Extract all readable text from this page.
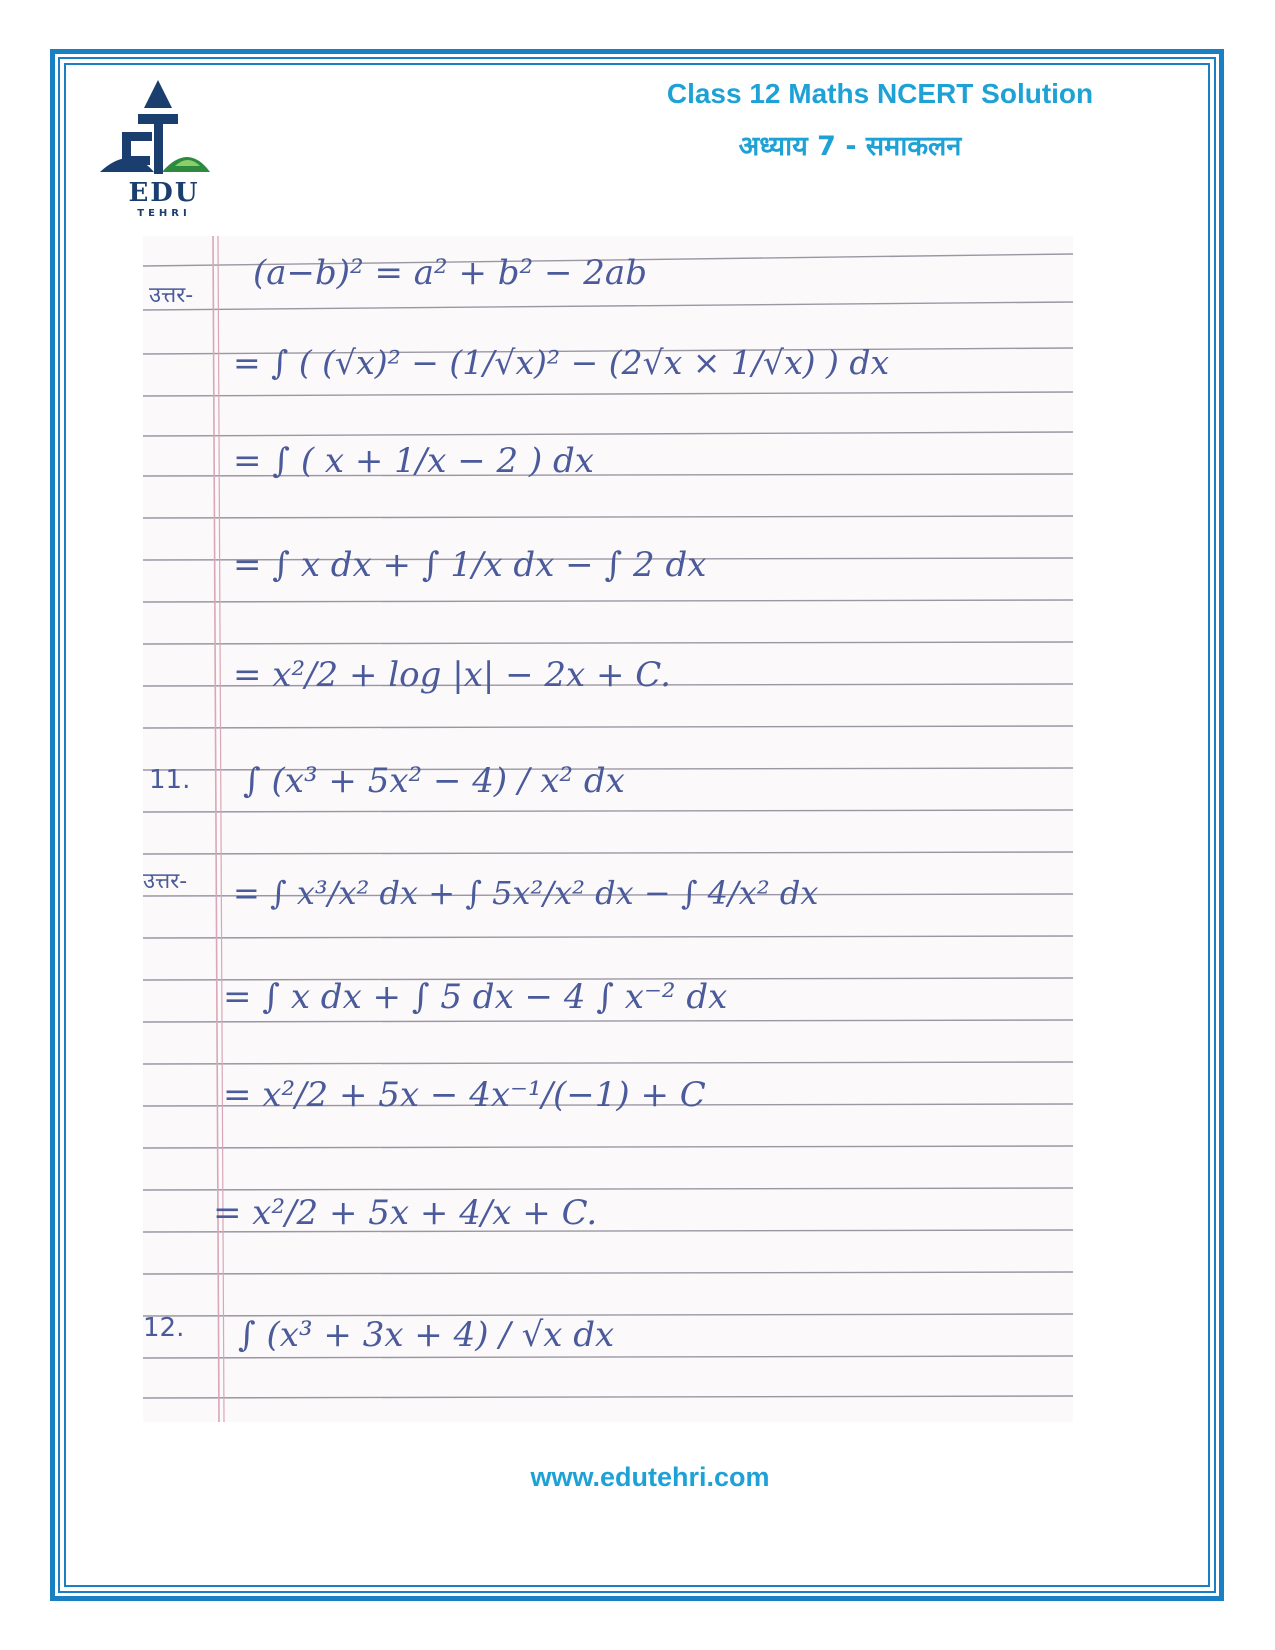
EDU
TEHRI
Class 12 Maths NCERT Solution
अध्याय 7 - समाकलन
उत्तर-
(a−b)² = a² + b² − 2ab
= ∫ ( (√x)² − (1/√x)² − (2√x × 1/√x) ) dx
= ∫ ( x + 1/x − 2 ) dx
= ∫ x dx + ∫ 1/x dx − ∫ 2 dx
= x²/2 + log |x| − 2x + C.
11. ∫ (x³ + 5x² − 4) / x² dx
उत्तर- = ∫ x³/x² dx + ∫ 5x²/x² dx − ∫ 4/x² dx
= ∫ x dx + ∫ 5 dx − 4 ∫ x⁻² dx
= x²/2 + 5x − 4x⁻¹/(−1) + C
= x²/2 + 5x + 4/x + C.
12. ∫ (x³ + 3x + 4) / √x dx
www.edutehri.com
